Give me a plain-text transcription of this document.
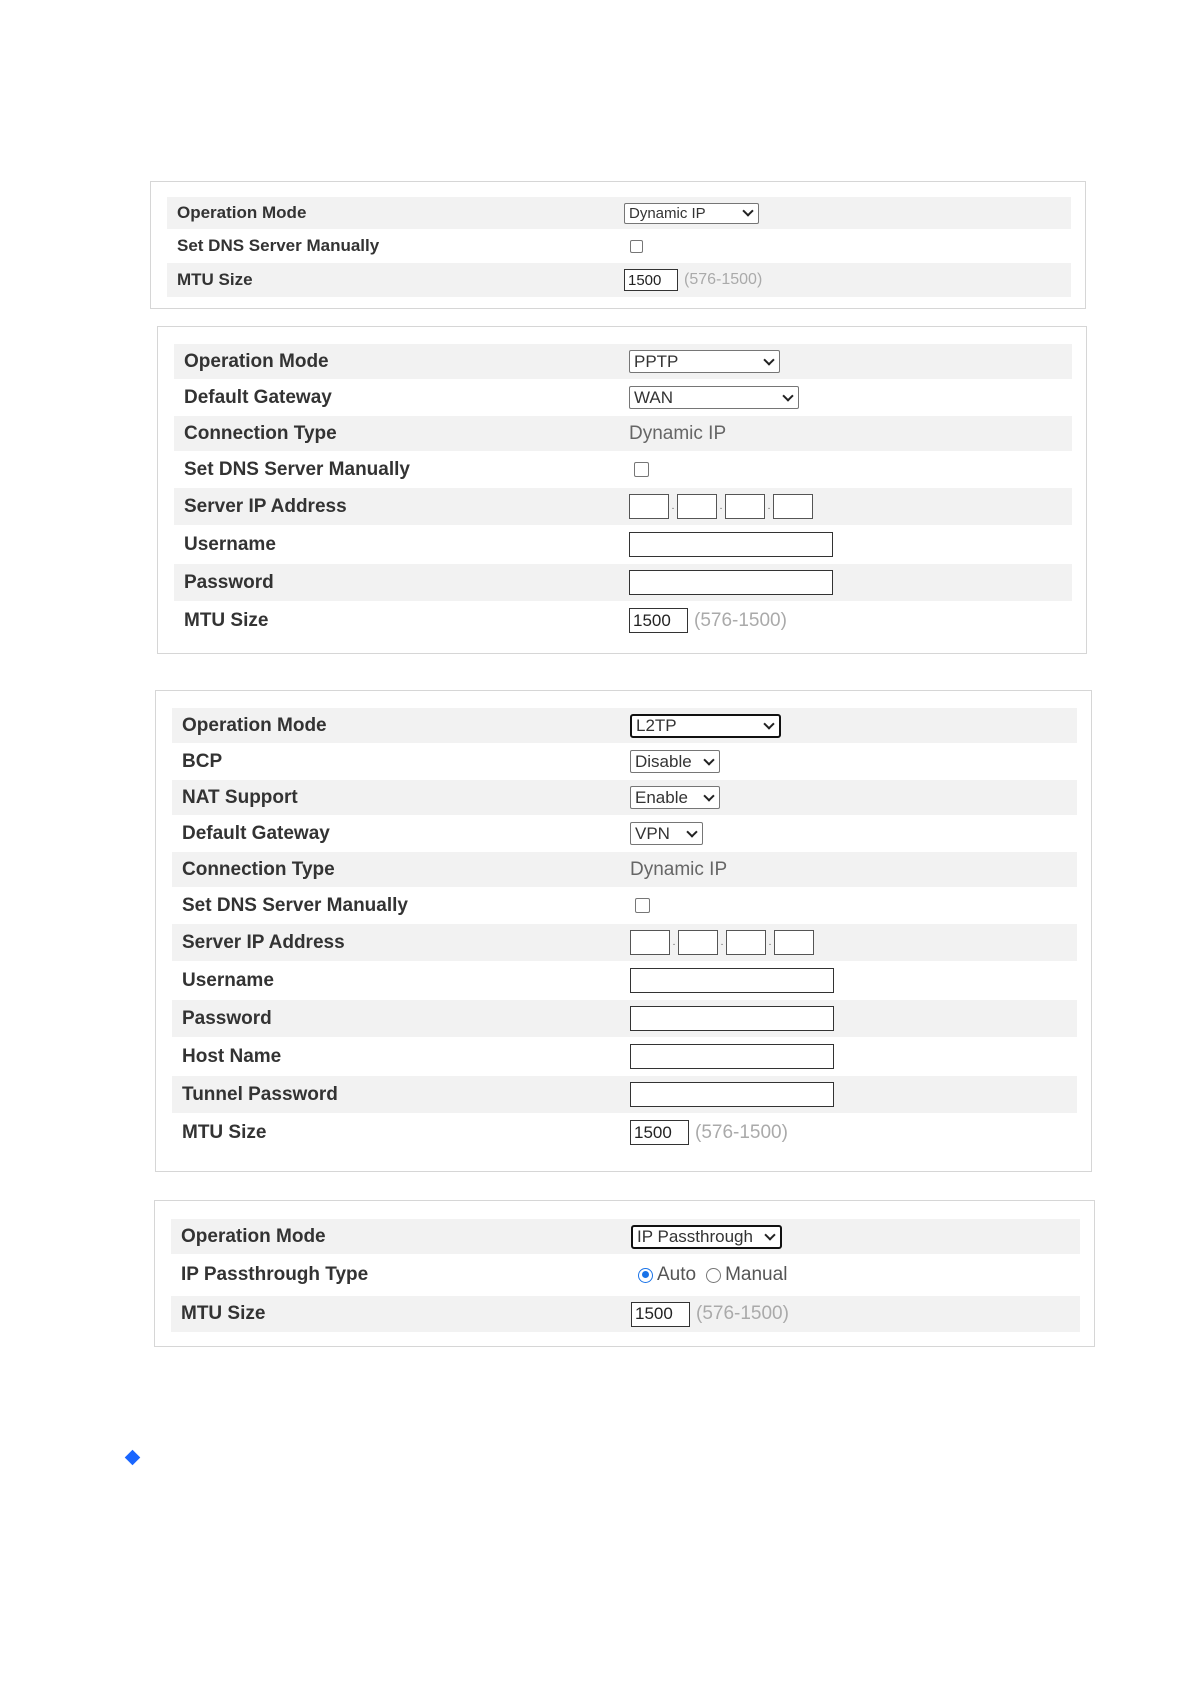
Operation Mode	Dynamic IP
Set DNS Server Manually
MTU Size	1500	(576-1500)
Operation Mode	PPTP
Default Gateway	WAN
Connection Type	Dynamic IP
Set DNS Server Manually
Server IP Address	.	.	.
Username
Password
MTU Size	1500	(576-1500)
Operation Mode	L2TP
BCP	Disable
NAT Support	Enable
Default Gateway	VPN
Connection Type	Dynamic IP
Set DNS Server Manually
Server IP Address	.	.	.
Username
Password
Host Name
Tunnel Password
MTU Size	1500	(576-1500)
Operation Mode	IP Passthrough
IP Passthrough Type	Auto Manual
MTU Size	1500	(576-1500)
